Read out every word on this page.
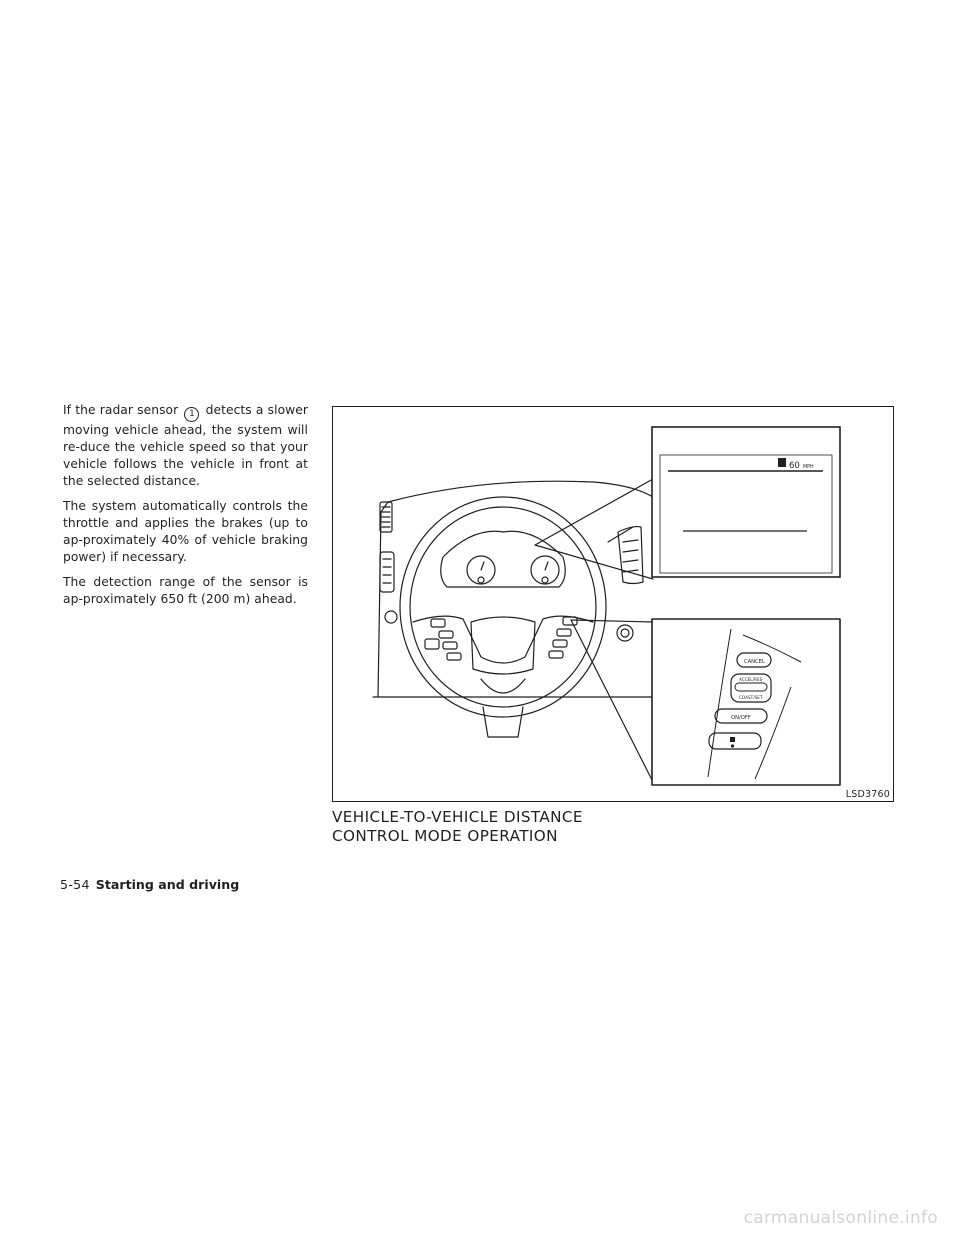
If the radar sensor 1 detects a slower moving vehicle ahead, the system will re-duce the vehicle speed so that your vehicle follows the vehicle in front at the selected distance.

The system automatically controls the throttle and applies the brakes (up to ap-proximately 40% of vehicle braking power) if necessary.

The detection range of the sensor is ap-proximately 650 ft (200 m) ahead.

60 MPH
CANCEL
ACCEL/RES
COAST/SET
ON/OFF
LSD3760
VEHICLE-TO-VEHICLE DISTANCE
CONTROL MODE OPERATION
5-54 Starting and driving
carmanualsonline.info
